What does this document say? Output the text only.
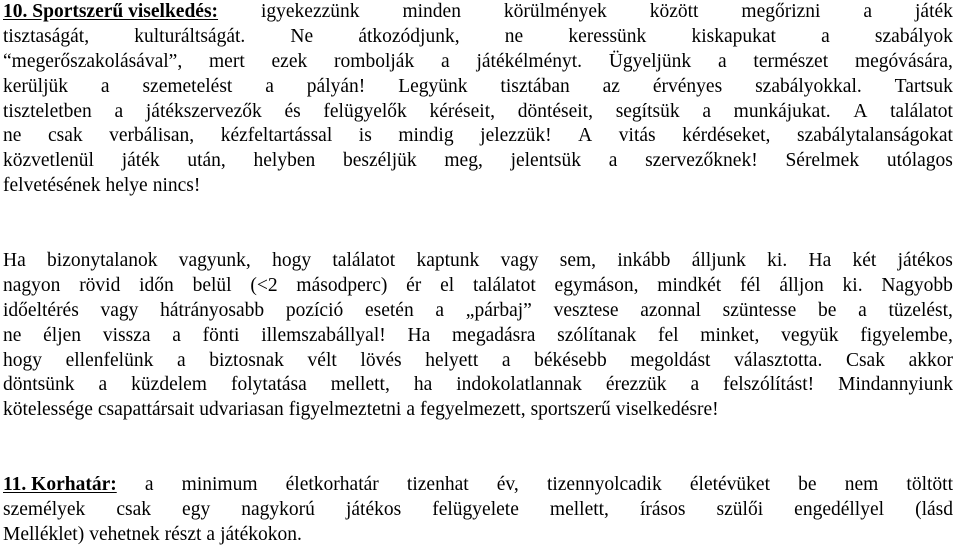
10. Sportszerű viselkedés: igyekezzünk minden körülmények között megőrizni a játék
tisztaságát, kulturáltságát. Ne átkozódjunk, ne keressünk kiskapukat a szabályok
“megerőszakolásával”, mert ezek rombolják a játékélményt. Ügyeljünk a természet megóvására,
kerüljük a szemetelést a pályán! Legyünk tisztában az érvényes szabályokkal. Tartsuk
tiszteletben a játékszervezők és felügyelők kéréseit, döntéseit, segítsük a munkájukat. A találatot
ne csak verbálisan, kézfeltartással is mindig jelezzük! A vitás kérdéseket, szabálytalanságokat
közvetlenül játék után, helyben beszéljük meg, jelentsük a szervezőknek! Sérelmek utólagos
felvetésének helye nincs!
Ha bizonytalanok vagyunk, hogy találatot kaptunk vagy sem, inkább álljunk ki. Ha két játékos
nagyon rövid időn belül (<2 másodperc) ér el találatot egymáson, mindkét fél álljon ki. Nagyobb
időeltérés vagy hátrányosabb pozíció esetén a „párbaj” vesztese azonnal szüntesse be a tüzelést,
ne éljen vissza a fönti illemszabállyal! Ha megadásra szólítanak fel minket, vegyük figyelembe,
hogy ellenfelünk a biztosnak vélt lövés helyett a békésebb megoldást választotta. Csak akkor
döntsünk a küzdelem folytatása mellett, ha indokolatlannak érezzük a felszólítást! Mindannyiunk
kötelessége csapattársait udvariasan figyelmeztetni a fegyelmezett, sportszerű viselkedésre!
11. Korhatár: a minimum életkorhatár tizenhat év, tizennyolcadik életévüket be nem töltött
személyek csak egy nagykorú játékos felügyelete mellett, írásos szülői engedéllyel (lásd
Melléklet) vehetnek részt a játékokon.
